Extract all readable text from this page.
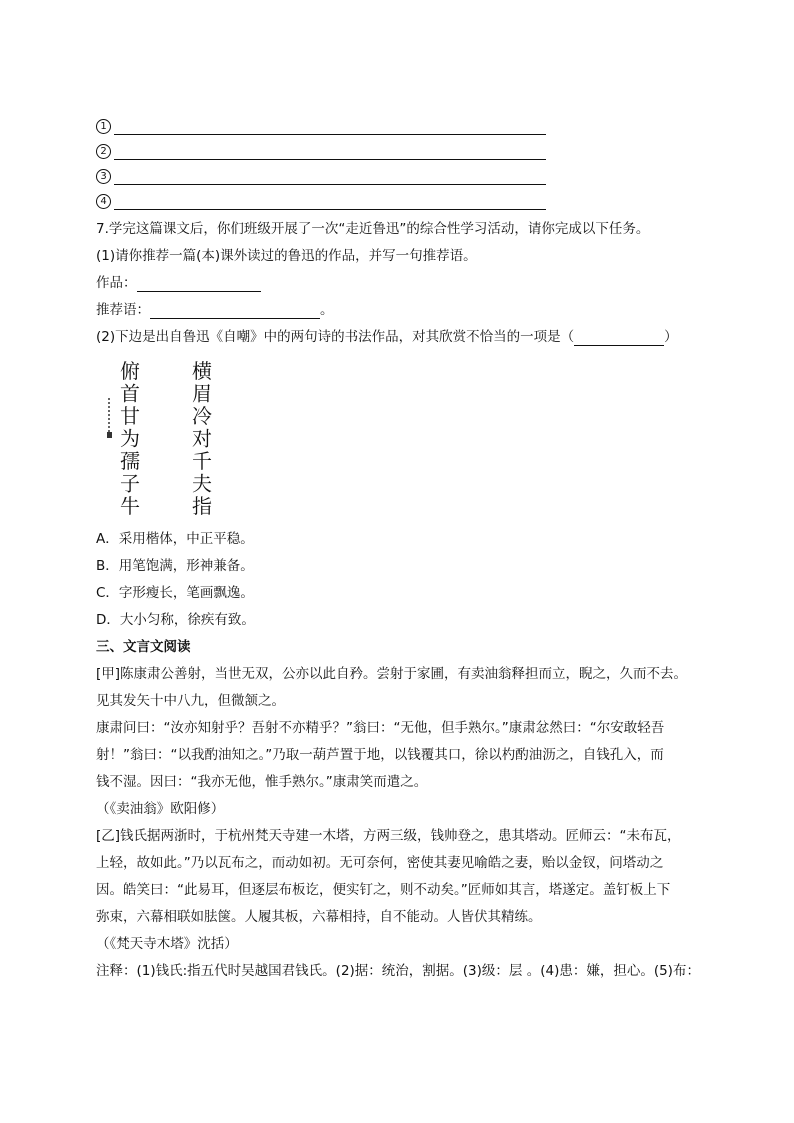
1
2
3
4
7.学完这篇课文后，你们班级开展了一次“走近鲁迅”的综合性学习活动，请你完成以下任务。
(1)请你推荐一篇(本)课外读过的鲁迅的作品，并写一句推荐语。
作品：
推荐语：	。
(2)下边是出自鲁迅《自嘲》中的两句诗的书法作品，对其欣赏不恰当的一项是（	）
横
眉
冷
对
千
夫
指
俯
首
甘
为
孺
子
牛
A．采用楷体，中正平稳。
B．用笔饱满，形神兼备。
C．字形瘦长，笔画飘逸。
D．大小匀称，徐疾有致。
三、文言文阅读
[甲]陈康肃公善射，当世无双，公亦以此自矜。尝射于家圃，有卖油翁释担而立，睨之，久而不去。
见其发矢十中八九，但微颔之。
康肃问曰：“汝亦知射乎？吾射不亦精乎？”翁曰：“无他，但手熟尔。”康肃忿然曰：“尔安敢轻吾
射！”翁曰：“以我酌油知之。”乃取一葫芦置于地，以钱覆其口，徐以杓酌油沥之，自钱孔入，而
钱不湿。因曰：“我亦无他，惟手熟尔。”康肃笑而遣之。
（《卖油翁》欧阳修）
[乙]钱氏据两浙时，于杭州梵天寺建一木塔，方两三级，钱帅登之，患其塔动。匠师云：“未布瓦，
上轻，故如此。”乃以瓦布之，而动如初。无可奈何，密使其妻见喻皓之妻，贻以金钗，问塔动之
因。皓笑曰：“此易耳，但逐层布板讫，便实钉之，则不动矣。”匠师如其言，塔遂定。盖钉板上下
弥束，六幕相联如胠箧。人履其板，六幕相持，自不能动。人皆伏其精练。
（《梵天寺木塔》沈括）
注释：(1)钱氏:指五代时吴越国君钱氏。(2)据：统治，割据。(3)级：层 。(4)患：嫌，担心。(5)布：
